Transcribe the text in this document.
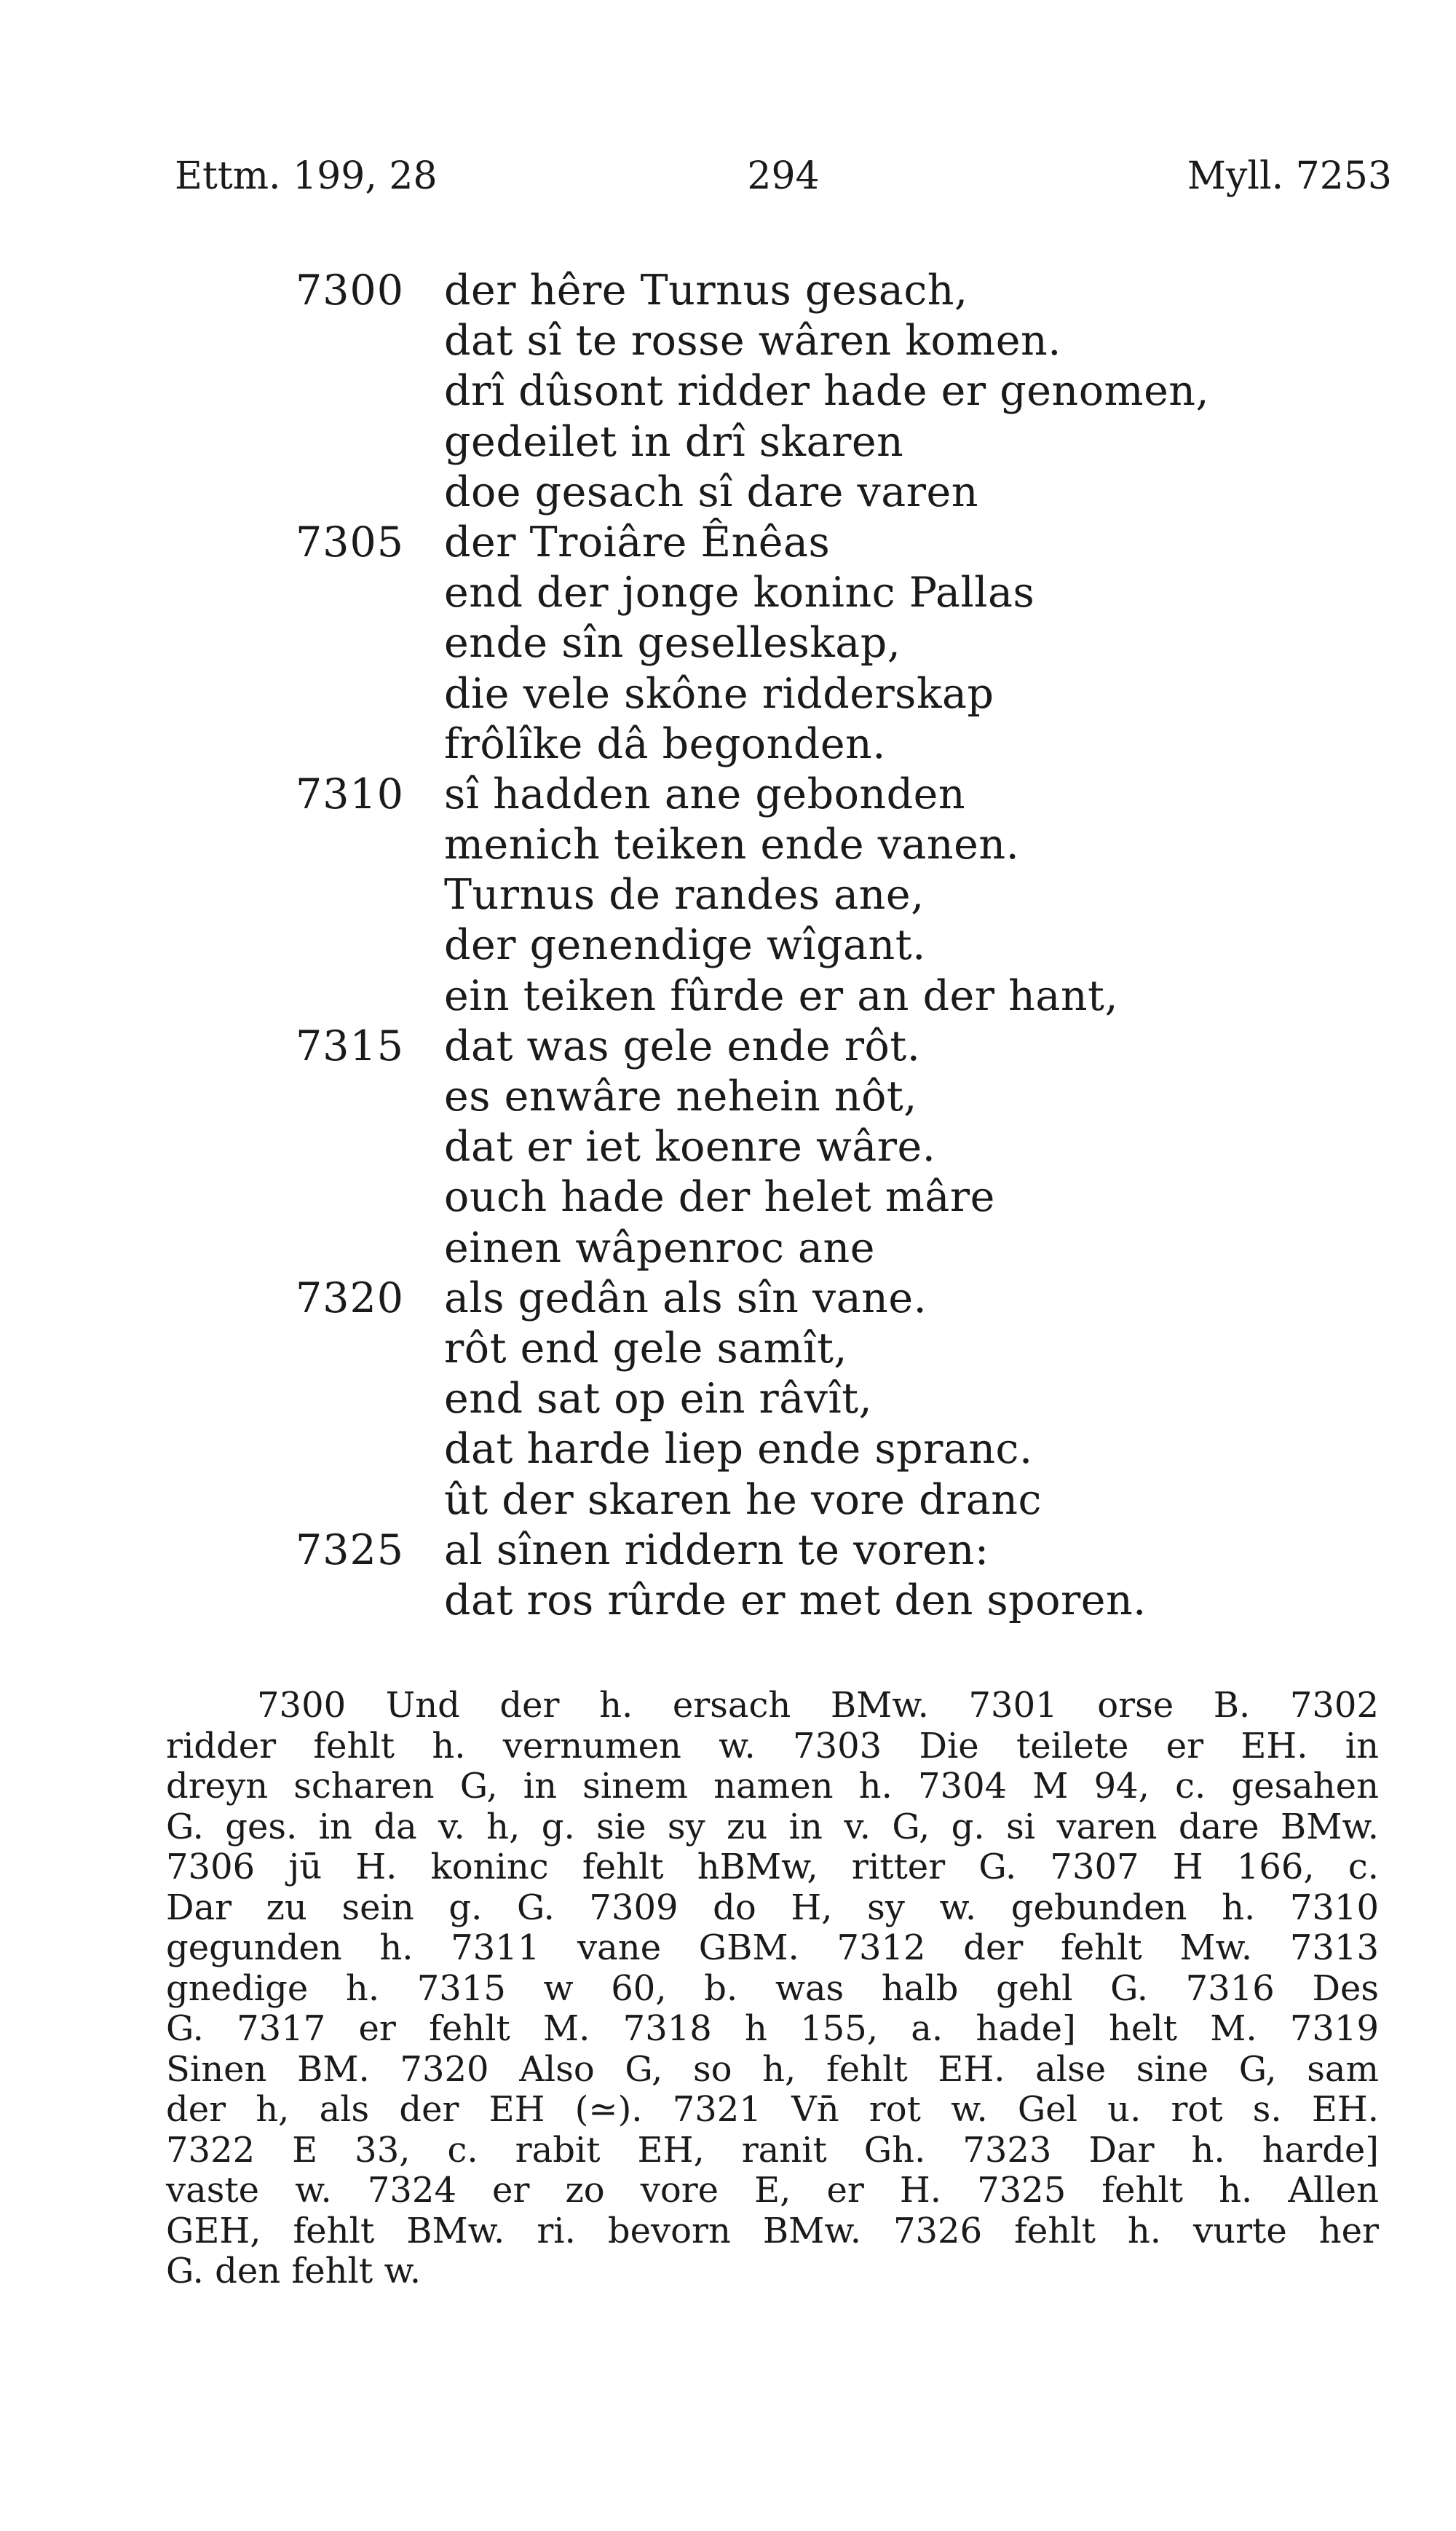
Ettm. 199, 28	294	Myll. 7253
7300 der hêre Turnus gesach,
dat sî te rosse wâren komen.
drî dûsont ridder hade er genomen,
gedeilet in drî skaren
doe gesach sî dare varen
7305 der Troiâre Ênêas
end der jonge koninc Pallas
ende sîn geselleskap,
die vele skône ridderskap
frôlîke dâ begonden.
7310 sî hadden ane gebonden
menich teiken ende vanen.
Turnus de randes ane,
der genendige wîgant.
ein teiken fûrde er an der hant,
7315 dat was gele ende rôt.
es enwâre nehein nôt,
dat er iet koenre wâre.
ouch hade der helet mâre
einen wâpenroc ane
7320 als gedân als sîn vane.
rôt end gele samît,
end sat op ein râvît,
dat harde liep ende spranc.
ût der skaren he vore dranc
7325 al sînen riddern te voren:
dat ros rûrde er met den sporen.
7300 Und der h. ersach BMw. 7301 orse B. 7302
ridder fehlt h. vernumen w. 7303 Die teilete er EH. in
dreyn scharen G, in sinem namen h. 7304 M 94, c. gesahen
G. ges. in da v. h, g. sie sy zu in v. G, g. si varen dare BMw.
7306 jū H. koninc fehlt hBMw, ritter G. 7307 H 166, c.
Dar zu sein g. G. 7309 do H, sy w. gebunden h. 7310
gegunden h. 7311 vane GBM. 7312 der fehlt Mw. 7313
gnedige h. 7315 w 60, b. was halb gehl G. 7316 Des
G. 7317 er fehlt M. 7318 h 155, a. hade] helt M. 7319
Sinen BM. 7320 Also G, so h, fehlt EH. alse sine G, sam
der h, als der EH (≃). 7321 Vn̄ rot w. Gel u. rot s. EH.
7322 E 33, c. rabit EH, ranit Gh. 7323 Dar h. harde]
vaste w. 7324 er zo vore E, er H. 7325 fehlt h. Allen
GEH, fehlt BMw. ri. bevorn BMw. 7326 fehlt h. vurte her
G. den fehlt w.
